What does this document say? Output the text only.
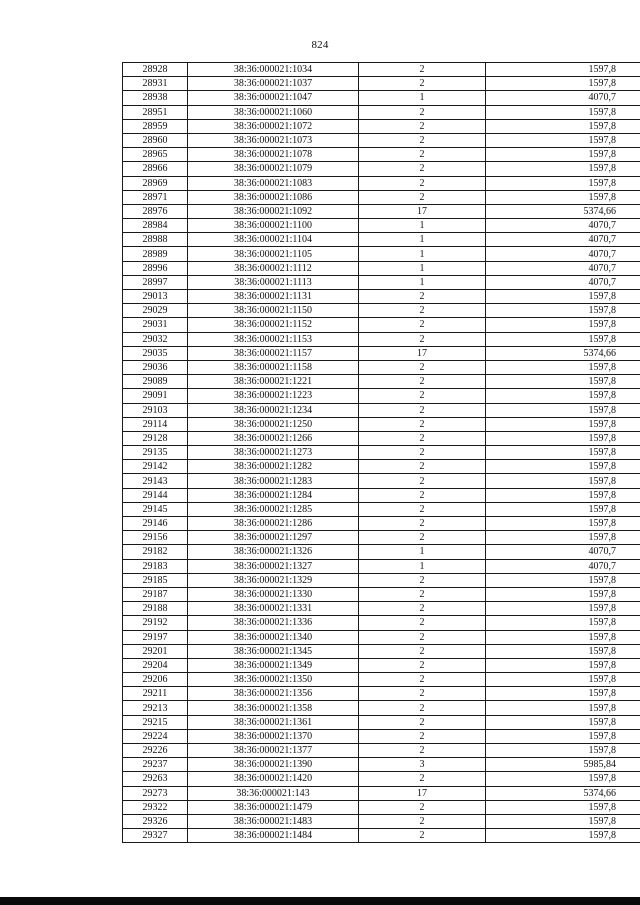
824
28928	38:36:000021:1034	2	1597,8
28931	38:36:000021:1037	2	1597,8
28938	38:36:000021:1047	1	4070,7
28951	38:36:000021:1060	2	1597,8
28959	38:36:000021:1072	2	1597,8
28960	38:36:000021:1073	2	1597,8
28965	38:36:000021:1078	2	1597,8
28966	38:36:000021:1079	2	1597,8
28969	38:36:000021:1083	2	1597,8
28971	38:36:000021:1086	2	1597,8
28976	38:36:000021:1092	17	5374,66
28984	38:36:000021:1100	1	4070,7
28988	38:36:000021:1104	1	4070,7
28989	38:36:000021:1105	1	4070,7
28996	38:36:000021:1112	1	4070,7
28997	38:36:000021:1113	1	4070,7
29013	38:36:000021:1131	2	1597,8
29029	38:36:000021:1150	2	1597,8
29031	38:36:000021:1152	2	1597,8
29032	38:36:000021:1153	2	1597,8
29035	38:36:000021:1157	17	5374,66
29036	38:36:000021:1158	2	1597,8
29089	38:36:000021:1221	2	1597,8
29091	38:36:000021:1223	2	1597,8
29103	38:36:000021:1234	2	1597,8
29114	38:36:000021:1250	2	1597,8
29128	38:36:000021:1266	2	1597,8
29135	38:36:000021:1273	2	1597,8
29142	38:36:000021:1282	2	1597,8
29143	38:36:000021:1283	2	1597,8
29144	38:36:000021:1284	2	1597,8
29145	38:36:000021:1285	2	1597,8
29146	38:36:000021:1286	2	1597,8
29156	38:36:000021:1297	2	1597,8
29182	38:36:000021:1326	1	4070,7
29183	38:36:000021:1327	1	4070,7
29185	38:36:000021:1329	2	1597,8
29187	38:36:000021:1330	2	1597,8
29188	38:36:000021:1331	2	1597,8
29192	38:36:000021:1336	2	1597,8
29197	38:36:000021:1340	2	1597,8
29201	38:36:000021:1345	2	1597,8
29204	38:36:000021:1349	2	1597,8
29206	38:36:000021:1350	2	1597,8
29211	38:36:000021:1356	2	1597,8
29213	38:36:000021:1358	2	1597,8
29215	38:36:000021:1361	2	1597,8
29224	38:36:000021:1370	2	1597,8
29226	38:36:000021:1377	2	1597,8
29237	38:36:000021:1390	3	5985,84
29263	38:36:000021:1420	2	1597,8
29273	38:36:000021:143	17	5374,66
29322	38:36:000021:1479	2	1597,8
29326	38:36:000021:1483	2	1597,8
29327	38:36:000021:1484	2	1597,8
